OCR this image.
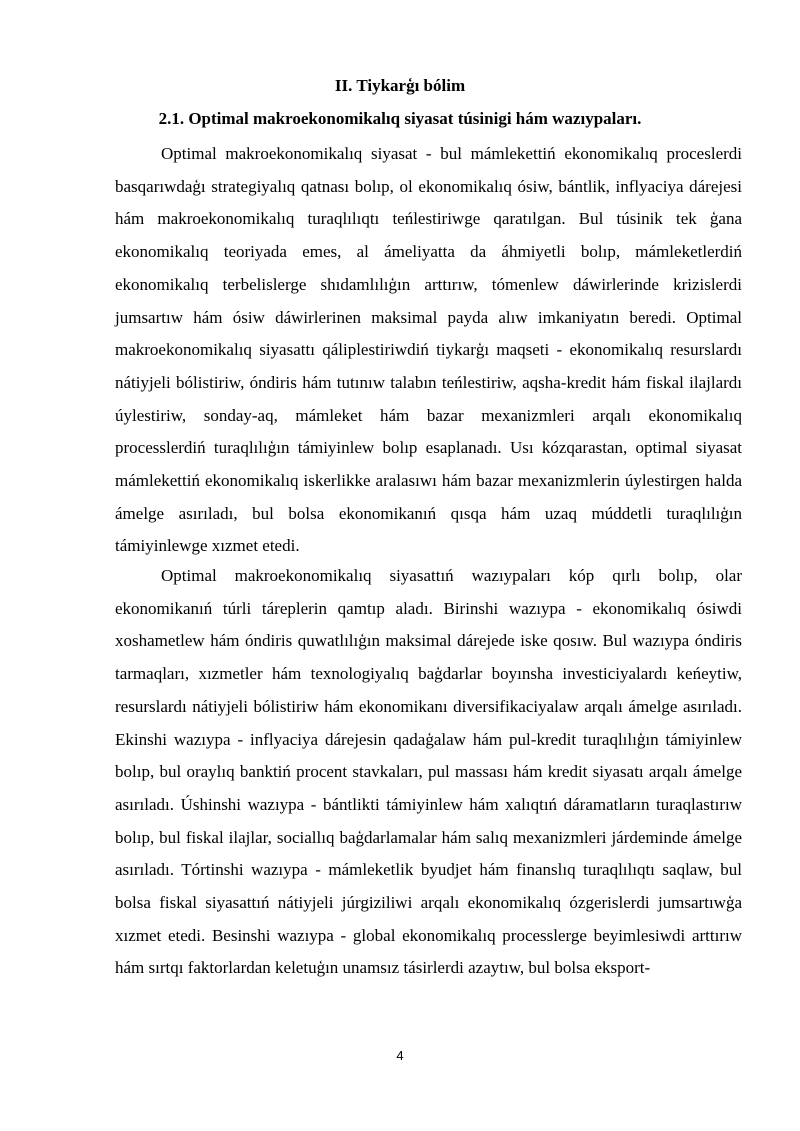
II. Tiykarģı bólim
2.1. Optimal makroekonomikalıq siyasat túsinigi hám wazıypaları.

Optimal makroekonomikalıq siyasat - bul mámlekettiń ekonomikalıq proceslerdi basqarıwdaģı strategiyalıq qatnası bolıp, ol ekonomikalıq ósiw, bántlik, inflyaciya dárejesi hám makroekonomikalıq turaqlılıqtı teńlestiriwge qaratılgan. Bul túsinik tek ģana ekonomikalıq teoriyada emes, al ámeliyatta da áhmiyetli bolıp, mámleketlerdiń ekonomikalıq terbelislerge shıdamlılıģın arttırıw, tómenlew dáwirlerinde krizislerdi jumsartıw hám ósiw dáwirlerinen maksimal payda alıw imkaniyatın beredi. Optimal makroekonomikalıq siyasattı qáliplestiriwdiń tiykarģı maqseti - ekonomikalıq resurslardı nátiyjeli bólistiriw, óndiris hám tutınıw talabın teńlestiriw, aqsha-kredit hám fiskal ilajlardı úylestiriw, sonday-aq, mámleket hám bazar mexanizmleri arqalı ekonomikalıq processlerdiń turaqlılıģın támiyinlew bolıp esaplanadı. Usı kózqarastan, optimal siyasat mámlekettiń ekonomikalıq iskerlikke aralasıwı hám bazar mexanizmlerin úylestirgen halda ámelge asırıladı, bul bolsa ekonomikanıń qısqa hám uzaq múddetli turaqlılıģın támiyinlewge xızmet etedi.

Optimal makroekonomikalıq siyasattıń wazıypaları kóp qırlı bolıp, olar ekonomikanıń túrli táreplerin qamtıp aladı. Birinshi wazıypa - ekonomikalıq ósiwdi xoshametlew hám óndiris quwatlılıģın maksimal dárejede iske qosıw. Bul wazıypa óndiris tarmaqları, xızmetler hám texnologiyalıq baģdarlar boyınsha investiciyalardı keńeytiw, resurslardı nátiyjeli bólistiriw hám ekonomikanı diversifikaciyalaw arqalı ámelge asırıladı. Ekinshi wazıypa - inflyaciya dárejesin qadaģalaw hám pul-kredit turaqlılıģın támiyinlew bolıp, bul oraylıq banktiń procent stavkaları, pul massası hám kredit siyasatı arqalı ámelge asırıladı. Úshinshi wazıypa - bántlikti támiyinlew hám xalıqtıń dáramatların turaqlastırıw bolıp, bul fiskal ilajlar, sociallıq baģdarlamalar hám salıq mexanizmleri járdeminde ámelge asırıladı. Tórtinshi wazıypa - mámleketlik byudjet hám finanslıq turaqlılıqtı saqlaw, bul bolsa fiskal siyasattıń nátiyjeli júrgiziliwi arqalı ekonomikalıq ózgerislerdi jumsartıwģa xızmet etedi. Besinshi wazıypa - global ekonomikalıq processlerge beyimlesiwdi arttırıw hám sırtqı faktorlardan keletuģın unamsız tásirlerdi azaytıw, bul bolsa eksport-

4
